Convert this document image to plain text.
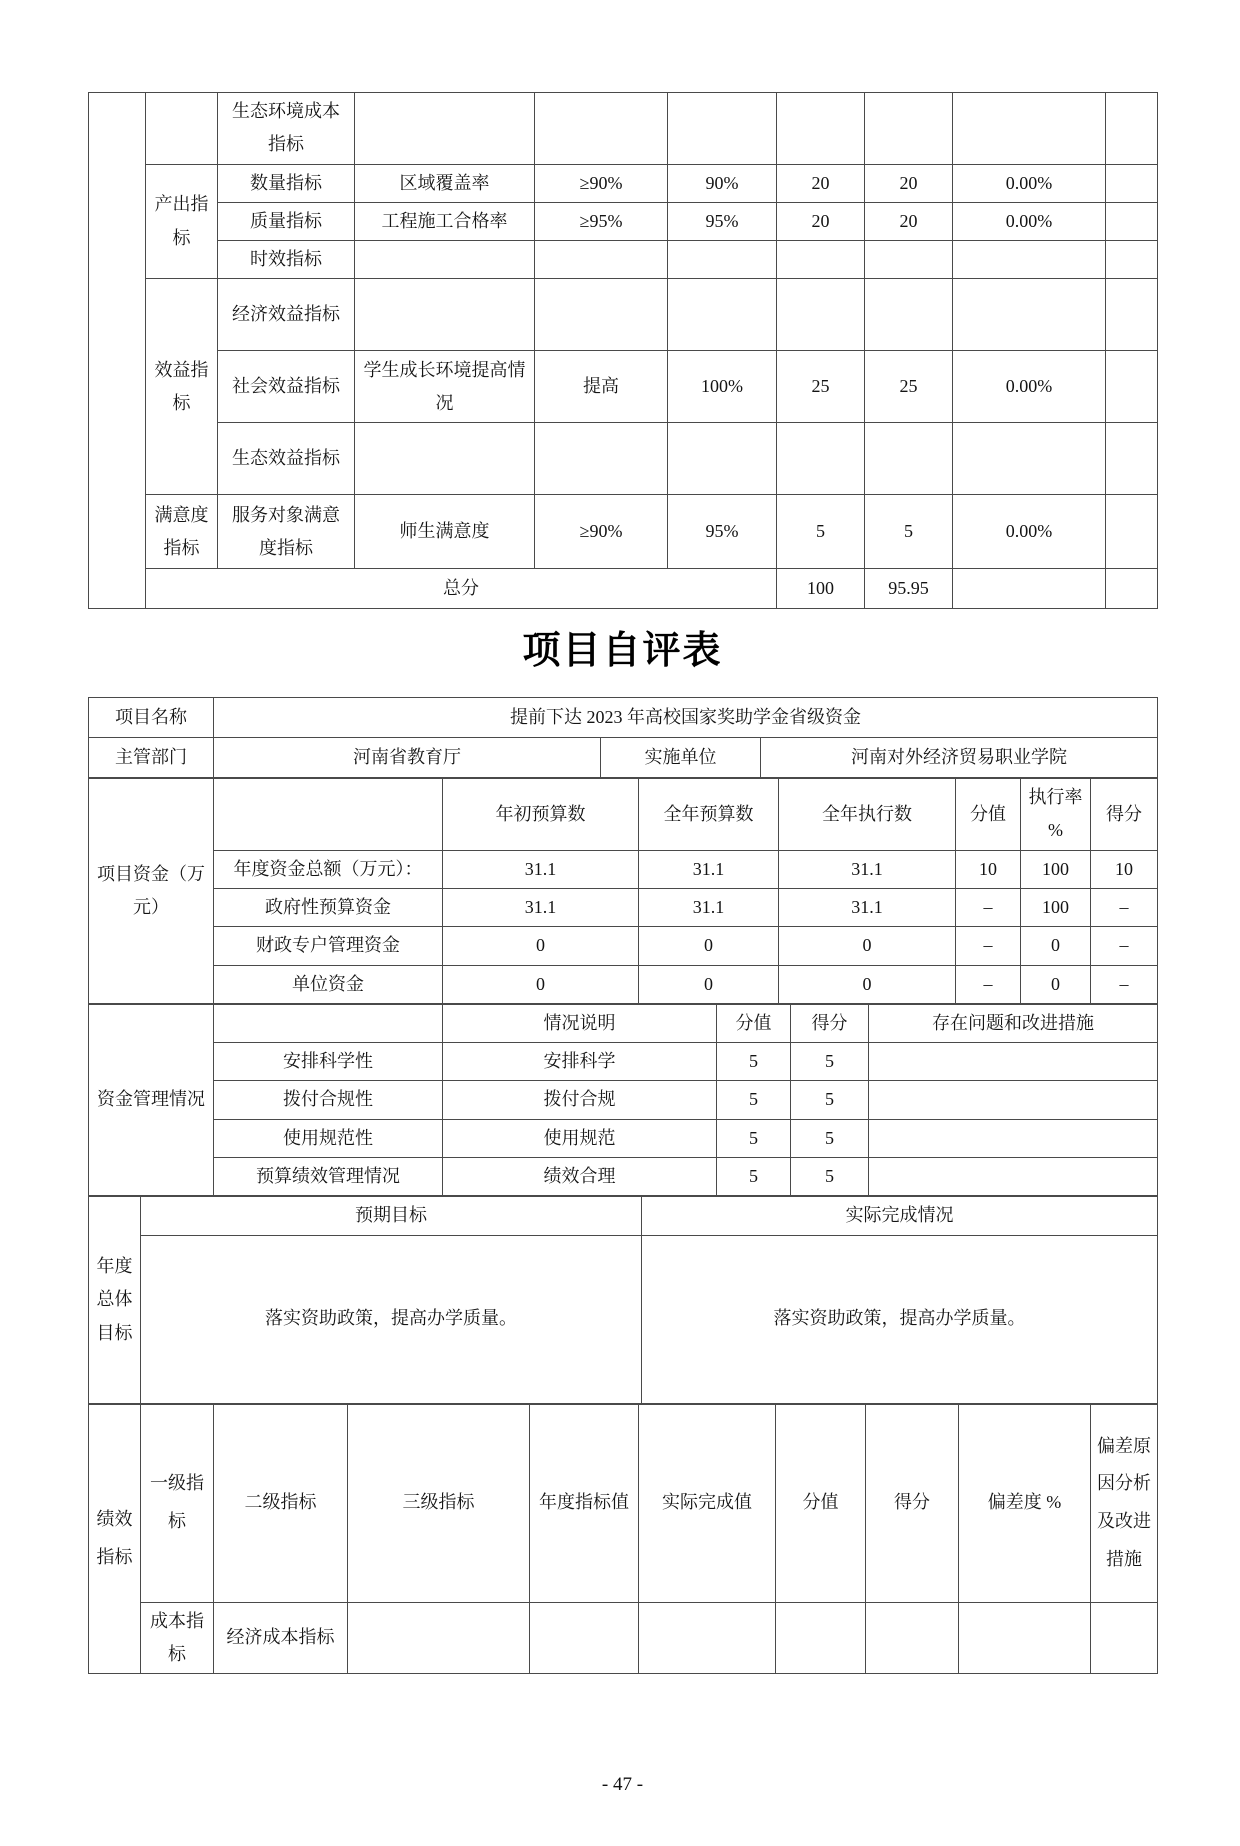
		生态环境成本指标							
	产出指标	数量指标	区域覆盖率	≥90%	90%	20	20	0.00%	
		质量指标	工程施工合格率	≥95%	95%	20	20	0.00%	
		时效指标							
	效益指标	经济效益指标							
		社会效益指标	学生成长环境提高情况	提高	100%	25	25	0.00%	
		生态效益指标							
	满意度指标	服务对象满意度指标	师生满意度	≥90%	95%	5	5	0.00%	
	总分					100	95.95		
项目自评表
项目名称	提前下达 2023 年高校国家奖助学金省级资金		
主管部门	河南省教育厅	实施单位	河南对外经济贸易职业学院
项目资金（万元）		年初预算数	全年预算数	全年执行数	分值	执行率 %	得分
	年度资金总额（万元）：	31.1	31.1	31.1	10	100	10
	政府性预算资金	31.1	31.1	31.1	–	100	–
	财政专户管理资金	0	0	0	–	0	–
	单位资金	0	0	0	–	0	–
资金管理情况		情况说明	分值	得分	存在问题和改进措施
	安排科学性	安排科学	5	5	
	拨付合规性	拨付合规	5	5	
	使用规范性	使用规范	5	5	
	预算绩效管理情况	绩效合理	5	5	
年度总体目标	预期目标	实际完成情况
	落实资助政策，提高办学质量。	落实资助政策，提高办学质量。
绩效指标	一级指标	二级指标	三级指标	年度指标值	实际完成值	分值	得分	偏差度 %	偏差原因分析及改进措施
	成本指标	经济成本指标							
- 47 -
